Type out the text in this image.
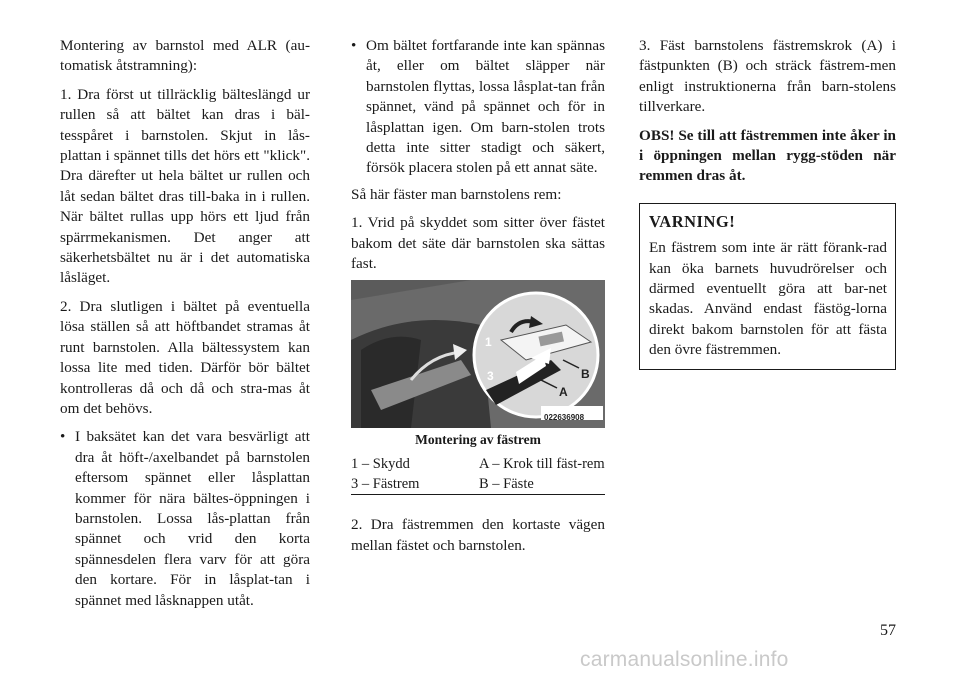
Montering av barnstol med ALR (au-​tomatisk åtstramning):

1. Dra först ut tillräcklig bälteslängd ur rullen så att bältet kan dras i bäl-​tesspåret i barnstolen. Skjut in lås-​plattan i spännet tills det hörs ett "klick". Dra därefter ut hela bältet ur rullen och låt sedan bältet dras till-​baka in i rullen. När bältet rullas upp hörs ett ljud från spärrmekanismen. Det anger att säkerhetsbältet nu är i det automatiska låsläget.

2. Dra slutligen i bältet på eventuella lösa ställen så att höftbandet stramas åt runt barnstolen. Alla bältessystem kan lossa lite med tiden. Därför bör bältet kontrolleras då och då och stra-​mas åt om det behövs.

• I baksätet kan det vara besvärligt att dra åt höft-/axelbandet på barnstolen eftersom spännet eller låsplattan kommer för nära bältes-​öppningen i barnstolen. Lossa lås-​plattan från spännet och vrid den korta spännesdelen flera varv för att göra den kortare. För in låsplat-​tan i spännet med låsknappen utåt.
• Om bältet fortfarande inte kan spännas åt, eller om bältet släpper när barnstolen flyttas, lossa låsplat-​tan från spännet, vänd på spännet och för in låsplattan igen. Om barn-​stolen trots detta inte sitter stadigt och säkert, försök placera stolen på ett annat säte.

Så här fäster man barnstolens rem:

1. Vrid på skyddet som sitter över fästet bakom det säte där barnstolen ska sättas fast.

1
3	B
A
022636908
Montering av fästrem
1 – Skydd	A – Krok till fäst-​rem
3 – Fästrem	B – Fäste

2. Dra fästremmen den kortaste vägen mellan fästet och barnstolen.

3. Fäst barnstolens fästremskrok (A) i fästpunkten (B) och sträck fästrem-​men enligt instruktionerna från barn-​stolens tillverkare.

OBS! Se till att fästremmen inte åker in i öppningen mellan rygg-​stöden när remmen dras åt.

VARNING!
En fästrem som inte är rätt förank-​rad kan öka barnets huvudrörelser och därmed eventuellt göra att bar-​net skadas. Använd endast fästög-​lorna direkt bakom barnstolen för att fästa den övre fästremmen.
57
carmanualsonline.info
